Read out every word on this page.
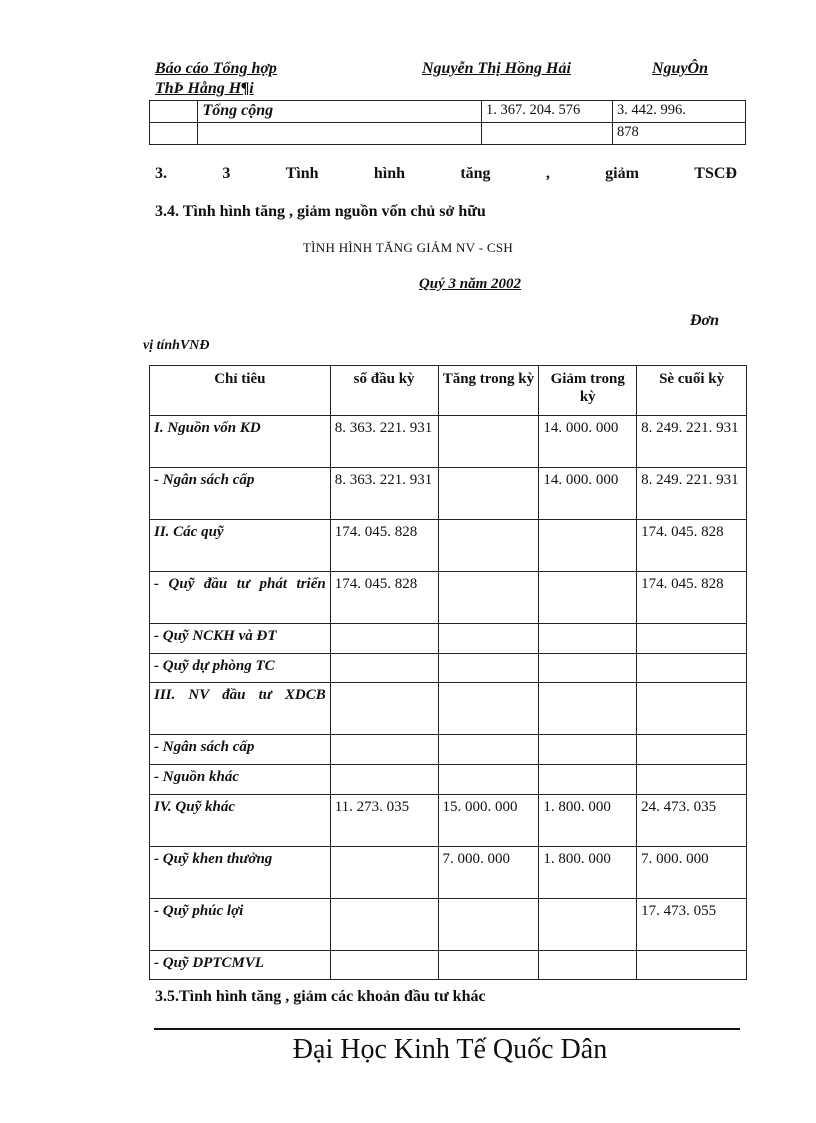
Báo cáo Tổng hợp	Nguyễn Thị Hồng Hải	NguyÔn
ThÞ Hång H¶i
	Tổng cộng	1. 367. 204. 576	3. 442. 996.
			878
3.	3	Tình	hình	tăng	,	giảm	TSCĐ
3.4. Tình hình tăng , giảm nguồn vốn chủ sở hữu
TÌNH HÌNH TĂNG GIẢM NV - CSH
Quý 3 năm 2002
Đơn
vị tínhVNĐ
Chỉ tiêu	số đầu kỳ	Tăng trong kỳ	Giảm trong kỳ	Sè cuối kỳ
I. Nguồn vốn KD	8. 363. 221. 931		14. 000. 000	8. 249. 221. 931
- Ngân sách cấp	8. 363. 221. 931		14. 000. 000	8. 249. 221. 931
II. Các quỹ	174. 045. 828			174. 045. 828
- Quỹ đầu tư phát triển	174. 045. 828			174. 045. 828
- Quỹ NCKH và ĐT				
- Quỹ dự phòng TC				
III. NV đầu tư XDCB				
- Ngân sách cấp				
- Nguồn khác				
IV. Quỹ khác	11. 273. 035	15. 000. 000	1. 800. 000	24. 473. 035
- Quỹ khen thưởng		7. 000. 000	1. 800. 000	7. 000. 000
- Quỹ phúc lợi				17. 473. 055
- Quỹ DPTCMVL				
3.5.Tình hình tăng , giảm các khoản đầu tư khác
Đại Học Kinh Tế Quốc Dân
